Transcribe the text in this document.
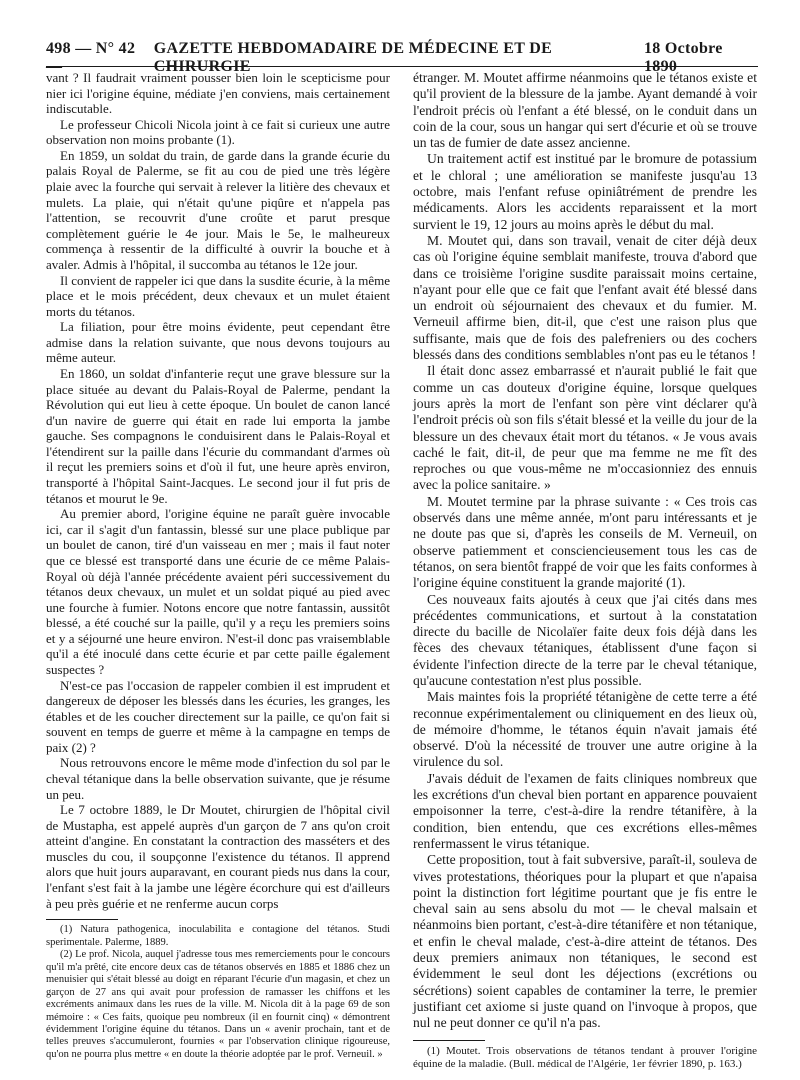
498 — N° 42 —
GAZETTE HEBDOMADAIRE DE MÉDECINE ET DE CHIRURGIE
18 Octobre 1890

vant ? Il faudrait vraiment pousser bien loin le scepticisme pour nier ici l'origine équine, médiate j'en conviens, mais certainement indiscutable.

Le professeur Chicoli Nicola joint à ce fait si curieux une autre observation non moins probante (1).

En 1859, un soldat du train, de garde dans la grande écurie du palais Royal de Palerme, se fit au cou de pied une très légère plaie avec la fourche qui servait à relever la litière des chevaux et mulets. La plaie, qui n'était qu'une piqûre et n'appela pas l'attention, se recouvrit d'une croûte et parut presque complètement guérie le 4e jour. Mais le 5e, le malheureux commença à ressentir de la difficulté à ouvrir la bouche et à avaler. Admis à l'hôpital, il succomba au tétanos le 12e jour.

Il convient de rappeler ici que dans la susdite écurie, à la même place et le mois précédent, deux chevaux et un mulet étaient morts du tétanos.

La filiation, pour être moins évidente, peut cependant être admise dans la relation suivante, que nous devons toujours au même auteur.

En 1860, un soldat d'infanterie reçut une grave blessure sur la place située au devant du Palais-Royal de Palerme, pendant la Révolution qui eut lieu à cette époque. Un boulet de canon lancé d'un navire de guerre qui était en rade lui emporta la jambe gauche. Ses compagnons le conduisirent dans le Palais-Royal et l'étendirent sur la paille dans l'écurie du commandant d'armes où il reçut les premiers soins et d'où il fut, une heure après environ, transporté à l'hôpital Saint-Jacques. Le second jour il fut pris de tétanos et mourut le 9e.

Au premier abord, l'origine équine ne paraît guère invocable ici, car il s'agit d'un fantassin, blessé sur une place publique par un boulet de canon, tiré d'un vaisseau en mer ; mais il faut noter que ce blessé est transporté dans une écurie de ce même Palais-Royal où déjà l'année précédente avaient péri successivement du tétanos deux chevaux, un mulet et un soldat piqué au pied avec une fourche à fumier. Notons encore que notre fantassin, aussitôt blessé, a été couché sur la paille, qu'il y a reçu les premiers soins et y a séjourné une heure environ. N'est-il donc pas vraisemblable qu'il a été inoculé dans cette écurie et par cette paille également suspectes ?

N'est-ce pas l'occasion de rappeler combien il est imprudent et dangereux de déposer les blessés dans les écuries, les granges, les étables et de les coucher directement sur la paille, ce qu'on fait si souvent en temps de guerre et même à la campagne en temps de paix (2) ?

Nous retrouvons encore le même mode d'infection du sol par le cheval tétanique dans la belle observation suivante, que je résume un peu.

Le 7 octobre 1889, le Dr Moutet, chirurgien de l'hôpital civil de Mustapha, est appelé auprès d'un garçon de 7 ans qu'on croit atteint d'angine. En constatant la contraction des masséters et des muscles du cou, il soupçonne l'existence du tétanos. Il apprend alors que huit jours auparavant, en courant pieds nus dans la cour, l'enfant s'est fait à la jambe une légère écorchure qui est d'ailleurs à peu près guérie et ne renferme aucun corps

(1) Natura pathogenica, inoculabilita e contagione del tétanos. Studi sperimentale. Palerme, 1889.

(2) Le prof. Nicola, auquel j'adresse tous mes remerciements pour le concours qu'il m'a prêté, cite encore deux cas de tétanos observés en 1885 et 1886 chez un menuisier qui s'était blessé au doigt en réparant l'écurie d'un magasin, et chez un garçon de 27 ans qui avait pour profession de ramasser les chiffons et les excréments animaux dans les rues de la ville. M. Nicola dit à la page 69 de son mémoire : « Ces faits, quoique peu nombreux (il en fournit cinq) « démontrent évidemment l'origine équine du tétanos. Dans un « avenir prochain, tant et de telles preuves s'accumuleront, fournies « par l'observation clinique rigoureuse, qu'on ne pourra plus mettre « en doute la théorie adoptée par le prof. Verneuil. »

étranger. M. Moutet affirme néanmoins que le tétanos existe et qu'il provient de la blessure de la jambe. Ayant demandé à voir l'endroit précis où l'enfant a été blessé, on le conduit dans un coin de la cour, sous un hangar qui sert d'écurie et où se trouve un tas de fumier de date assez ancienne.

Un traitement actif est institué par le bromure de potassium et le chloral ; une amélioration se manifeste jusqu'au 13 octobre, mais l'enfant refuse opiniâtrément de prendre les médicaments. Alors les accidents reparaissent et la mort survient le 19, 12 jours au moins après le début du mal.

M. Moutet qui, dans son travail, venait de citer déjà deux cas où l'origine équine semblait manifeste, trouva d'abord que dans ce troisième l'origine susdite paraissait moins certaine, n'ayant pour elle que ce fait que l'enfant avait été blessé dans un endroit où séjournaient des chevaux et du fumier. M. Verneuil affirme bien, dit-il, que c'est une raison plus que suffisante, mais que de fois des palefreniers ou des cochers blessés dans des conditions semblables n'ont pas eu le tétanos !

Il était donc assez embarrassé et n'aurait publié le fait que comme un cas douteux d'origine équine, lorsque quelques jours après la mort de l'enfant son père vint déclarer qu'à l'endroit précis où son fils s'était blessé et la veille du jour de la blessure un des chevaux était mort du tétanos. « Je vous avais caché le fait, dit-il, de peur que ma femme ne me fît des reproches ou que vous-même ne m'occasionniez des ennuis avec la police sanitaire. »

M. Moutet termine par la phrase suivante : « Ces trois cas observés dans une même année, m'ont paru intéressants et je ne doute pas que si, d'après les conseils de M. Verneuil, on observe patiemment et consciencieusement tous les cas de tétanos, on sera bientôt frappé de voir que les faits conformes à l'origine équine constituent la grande majorité (1).

Ces nouveaux faits ajoutés à ceux que j'ai cités dans mes précédentes communications, et surtout à la constatation directe du bacille de Nicolaïer faite deux fois déjà dans les fèces des chevaux tétaniques, établissent d'une façon si évidente l'infection directe de la terre par le cheval tétanique, qu'aucune contestation n'est plus possible.

Mais maintes fois la propriété tétanigène de cette terre a été reconnue expérimentalement ou cliniquement en des lieux où, de mémoire d'homme, le tétanos équin n'avait jamais été observé. D'où la nécessité de trouver une autre origine à la virulence du sol.

J'avais déduit de l'examen de faits cliniques nombreux que les excrétions d'un cheval bien portant en apparence pouvaient empoisonner la terre, c'est-à-dire la rendre tétanifère, à la condition, bien entendu, que ces excrétions elles-mêmes renfermassent le virus tétanique.

Cette proposition, tout à fait subversive, paraît-il, souleva de vives protestations, théoriques pour la plupart et que n'apaisa point la distinction fort légitime pourtant que je fis entre le cheval sain au sens absolu du mot — le cheval malsain et néanmoins bien portant, c'est-à-dire tétanifère et non tétanique, et enfin le cheval malade, c'est-à-dire atteint de tétanos. Des deux premiers animaux non tétaniques, le second est évidemment le seul dont les déjections (excrétions ou sécrétions) soient capables de contaminer la terre, le premier justifiant cet axiome si juste quand on l'invoque à propos, que nul ne peut donner ce qu'il n'a pas.

(1) Moutet. Trois observations de tétanos tendant à prouver l'origine équine de la maladie. (Bull. médical de l'Algérie, 1er février 1890, p. 163.)
